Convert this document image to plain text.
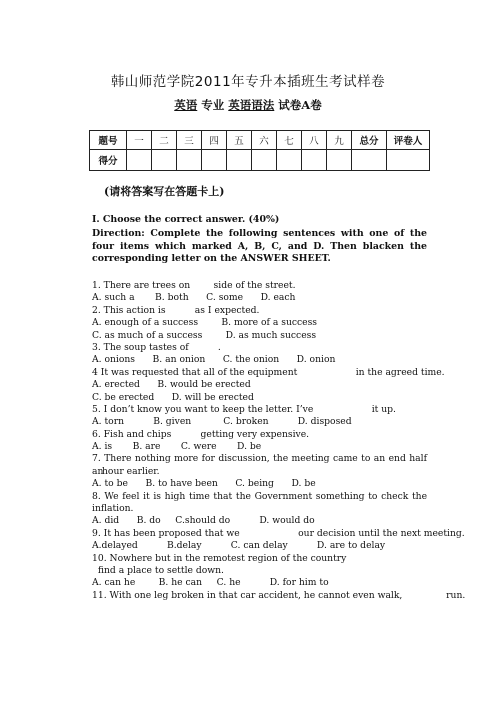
韩山师范学院2011年专升本插班生考试样卷
英语 专业 英语语法 试卷A卷
题号	一	二	三	四	五	六	七	八	九	总分	评卷人
得分											
(请将答案写在答题卡上)
I. Choose the correct answer. (40%)
Direction: Complete the following sentences with one of the four items which marked A, B, C, and D. Then blacken the corresponding letter on the ANSWER SHEET.
1. There are trees on        side of the street.
A. such a       B. both      C. some      D. each
2. This action is          as I expected.
A. enough of a success        B. more of a success
C. as much of a success        D. as much success
3. The soup tastes of          .
A. onions      B. an onion      C. the onion      D. onion
4 It was requested that all of the equipment                    in the agreed time.
A. erected      B. would be erected
C. be erected      D. will be erected
5. I don’t know you want to keep the letter. I’ve                    it up.
A. torn          B. given           C. broken          D. disposed
6. Fish and chips          getting very expensive.
A. is       B. are       C. were       D. be
7. There nothing more for discussion, the meeting came to an end half an
hour earlier.
A. to be      B. to have been      C. being      D. be
8. We feel it is high time that the Government something to check the
inflation.
A. did      B. do     C.should do          D. would do
9. It has been proposed that we                    our decision until the next meeting.
A.delayed          B.delay          C. can delay          D. are to delay
10. Nowhere but in the remotest region of the country
find a place to settle down.
A. can he        B. he can     C. he          D. for him to
11. With one leg broken in that car accident, he cannot even walk,               run.
